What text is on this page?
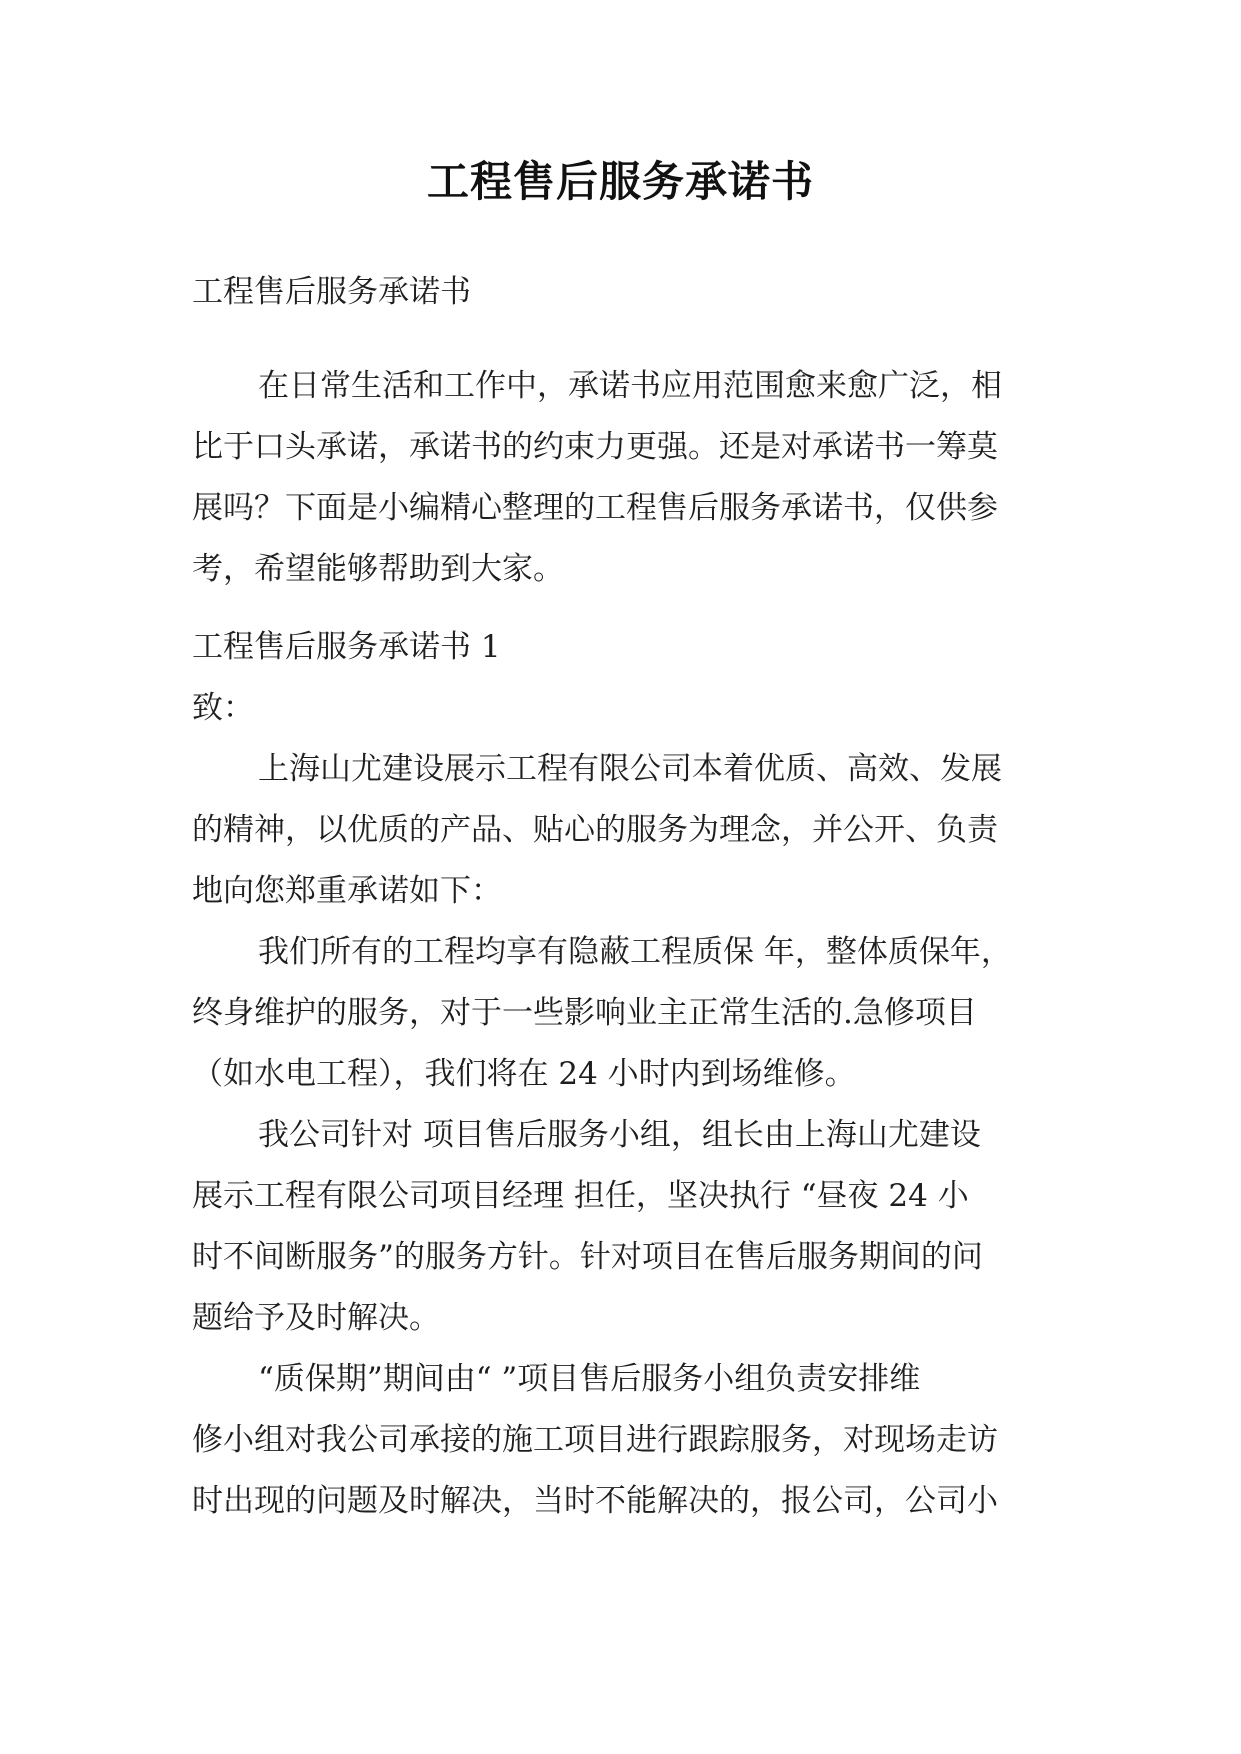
工程售后服务承诺书
工程售后服务承诺书
在日常生活和工作中，承诺书应用范围愈来愈广泛，相
比于口头承诺，承诺书的约束力更强。还是对承诺书一筹莫
展吗？下面是小编精心整理的工程售后服务承诺书，仅供参
考，希望能够帮助到大家。
工程售后服务承诺书 1
致：
上海山尤建设展示工程有限公司本着优质、高效、发展
的精神，以优质的产品、贴心的服务为理念，并公开、负责
地向您郑重承诺如下：
我们所有的工程均享有隐蔽工程质保 年，整体质保年，
终身维护的服务，对于一些影响业主正常生活的.急修项目
（如水电工程），我们将在 24 小时内到场维修。
我公司针对 项目售后服务小组，组长由上海山尤建设
展示工程有限公司项目经理 担任，坚决执行 “昼夜 24 小
时不间断服务”的服务方针。针对项目在售后服务期间的问
题给予及时解决。
“质保期”期间由“ ”项目售后服务小组负责安排维
修小组对我公司承接的施工项目进行跟踪服务，对现场走访
时出现的问题及时解决，当时不能解决的，报公司，公司小
